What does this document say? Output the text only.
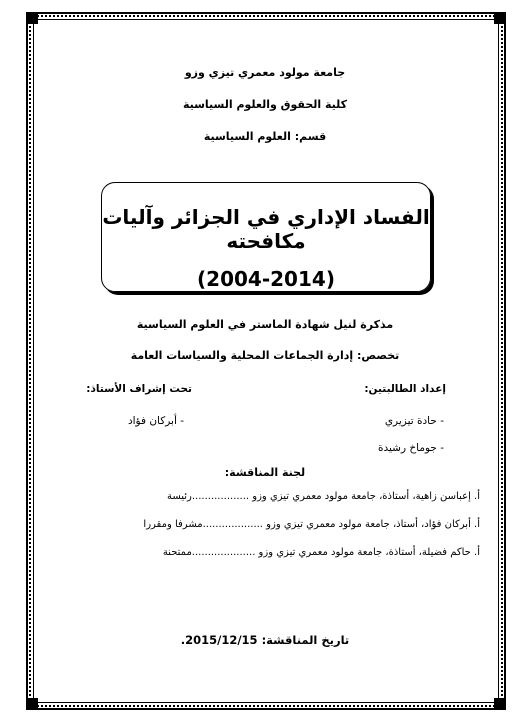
جامعة مولود معمري تيزي وزو
كلية الحقوق والعلوم السياسية
قسم: العلوم السياسية
الفساد الإداري في الجزائر وآليات مكافحته
(2004-2014)
مذكرة لنيل شهادة الماستر في العلوم السياسية
تخصص: إدارة الجماعات المحلية والسياسات العامة
إعداد الطالبتين:
- حادة تيزيري
- جوماخ رشيدة
تحت إشراف الأستاذ:
- أبركان فؤاد
لجنة المناقشة:
أ. إعباسن زاهية، أستاذة، جامعة مولود معمري تيزي وزو ..................رئيسة
أ. أبركان فؤاد، أستاذ، جامعة مولود معمري تيزي وزو ...................مشرفا ومقررا
أ. حاكم فضيلة، أستاذة، جامعة مولود معمري تيزي وزو ....................ممتحنة
تاريخ المناقشة: 2015/12/15.
